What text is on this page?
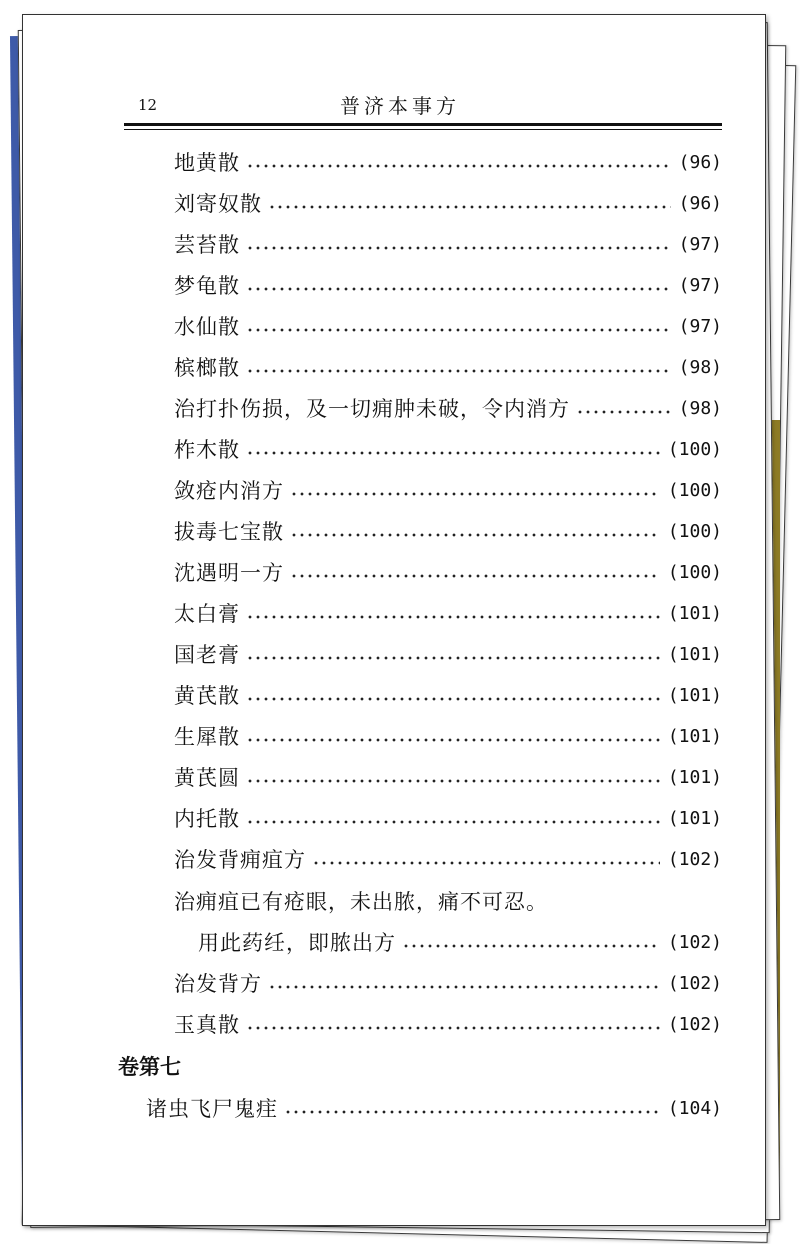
12	普济本事方
地黄散	(96)
刘寄奴散	(96)
芸苔散	(97)
梦龟散	(97)
水仙散	(97)
槟榔散	(98)
治打扑伤损，及一切痈肿未破，令内消方	(98)
柞木散	(100)
敛疮内消方	(100)
拔毒七宝散	(100)
沈遇明一方	(100)
太白膏	(101)
国老膏	(101)
黄芪散	(101)
生犀散	(101)
黄芪圆	(101)
内托散	(101)
治发背痈疽方	(102)
治痈疽已有疮眼，未出脓，痛不可忍。
用此药纴，即脓出方	(102)
治发背方	(102)
玉真散	(102)
卷第七
诸虫飞尸鬼疰	(104)
